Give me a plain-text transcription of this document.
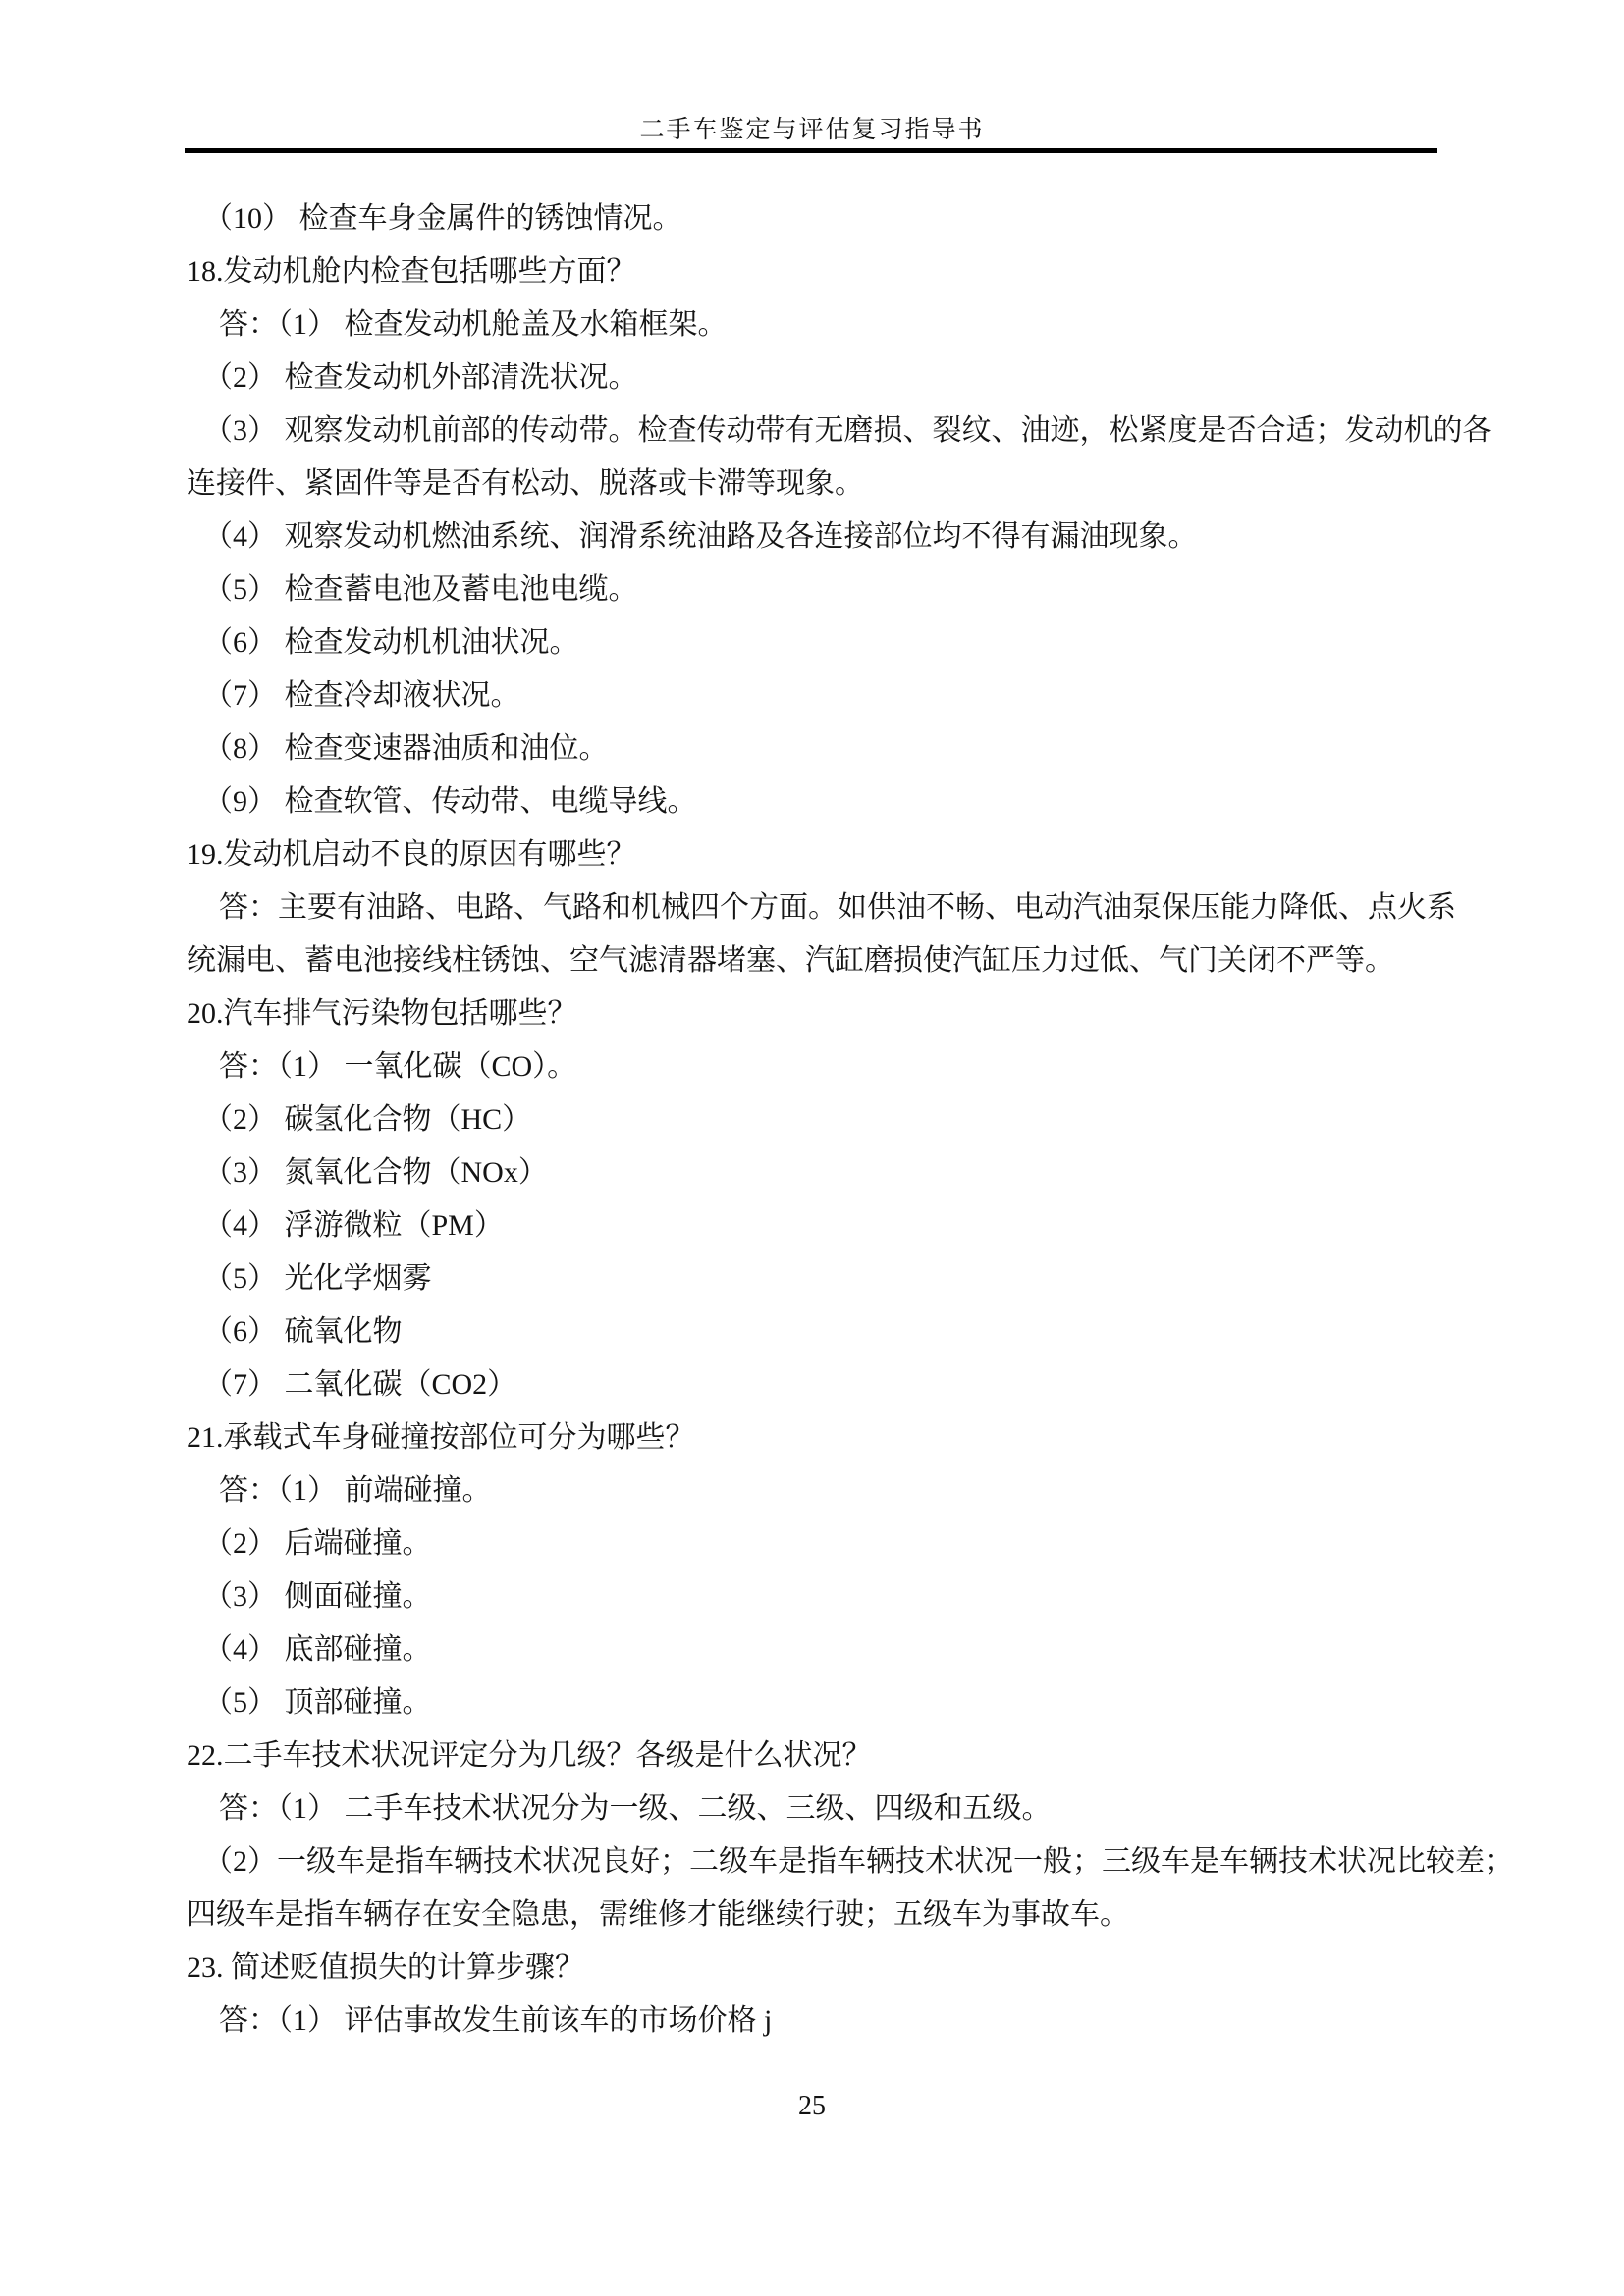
二手车鉴定与评估复习指导书
（10） 检查车身金属件的锈蚀情况。
18.发动机舱内检查包括哪些方面？
答：（1） 检查发动机舱盖及水箱框架。
（2） 检查发动机外部清洗状况。
（3） 观察发动机前部的传动带。检查传动带有无磨损、裂纹、油迹，松紧度是否合适；发动机的各
连接件、紧固件等是否有松动、脱落或卡滞等现象。
（4） 观察发动机燃油系统、润滑系统油路及各连接部位均不得有漏油现象。
（5） 检查蓄电池及蓄电池电缆。
（6） 检查发动机机油状况。
（7） 检查冷却液状况。
（8） 检查变速器油质和油位。
（9） 检查软管、传动带、电缆导线。
19.发动机启动不良的原因有哪些？
答：主要有油路、电路、气路和机械四个方面。如供油不畅、电动汽油泵保压能力降低、点火系
统漏电、蓄电池接线柱锈蚀、空气滤清器堵塞、汽缸磨损使汽缸压力过低、气门关闭不严等。
20.汽车排气污染物包括哪些？
答：（1） 一氧化碳（CO）。
（2） 碳氢化合物（HC）
（3） 氮氧化合物（NOx）
（4） 浮游微粒（PM）
（5） 光化学烟雾
（6） 硫氧化物
（7） 二氧化碳（CO2）
21.承载式车身碰撞按部位可分为哪些？
答：（1） 前端碰撞。
（2） 后端碰撞。
（3） 侧面碰撞。
（4） 底部碰撞。
（5） 顶部碰撞。
22.二手车技术状况评定分为几级？各级是什么状况？
答：（1） 二手车技术状况分为一级、二级、三级、四级和五级。
（2）一级车是指车辆技术状况良好；二级车是指车辆技术状况一般；三级车是车辆技术状况比较差；
四级车是指车辆存在安全隐患，需维修才能继续行驶；五级车为事故车。
23. 简述贬值损失的计算步骤？
答：（1） 评估事故发生前该车的市场价格 j
25
